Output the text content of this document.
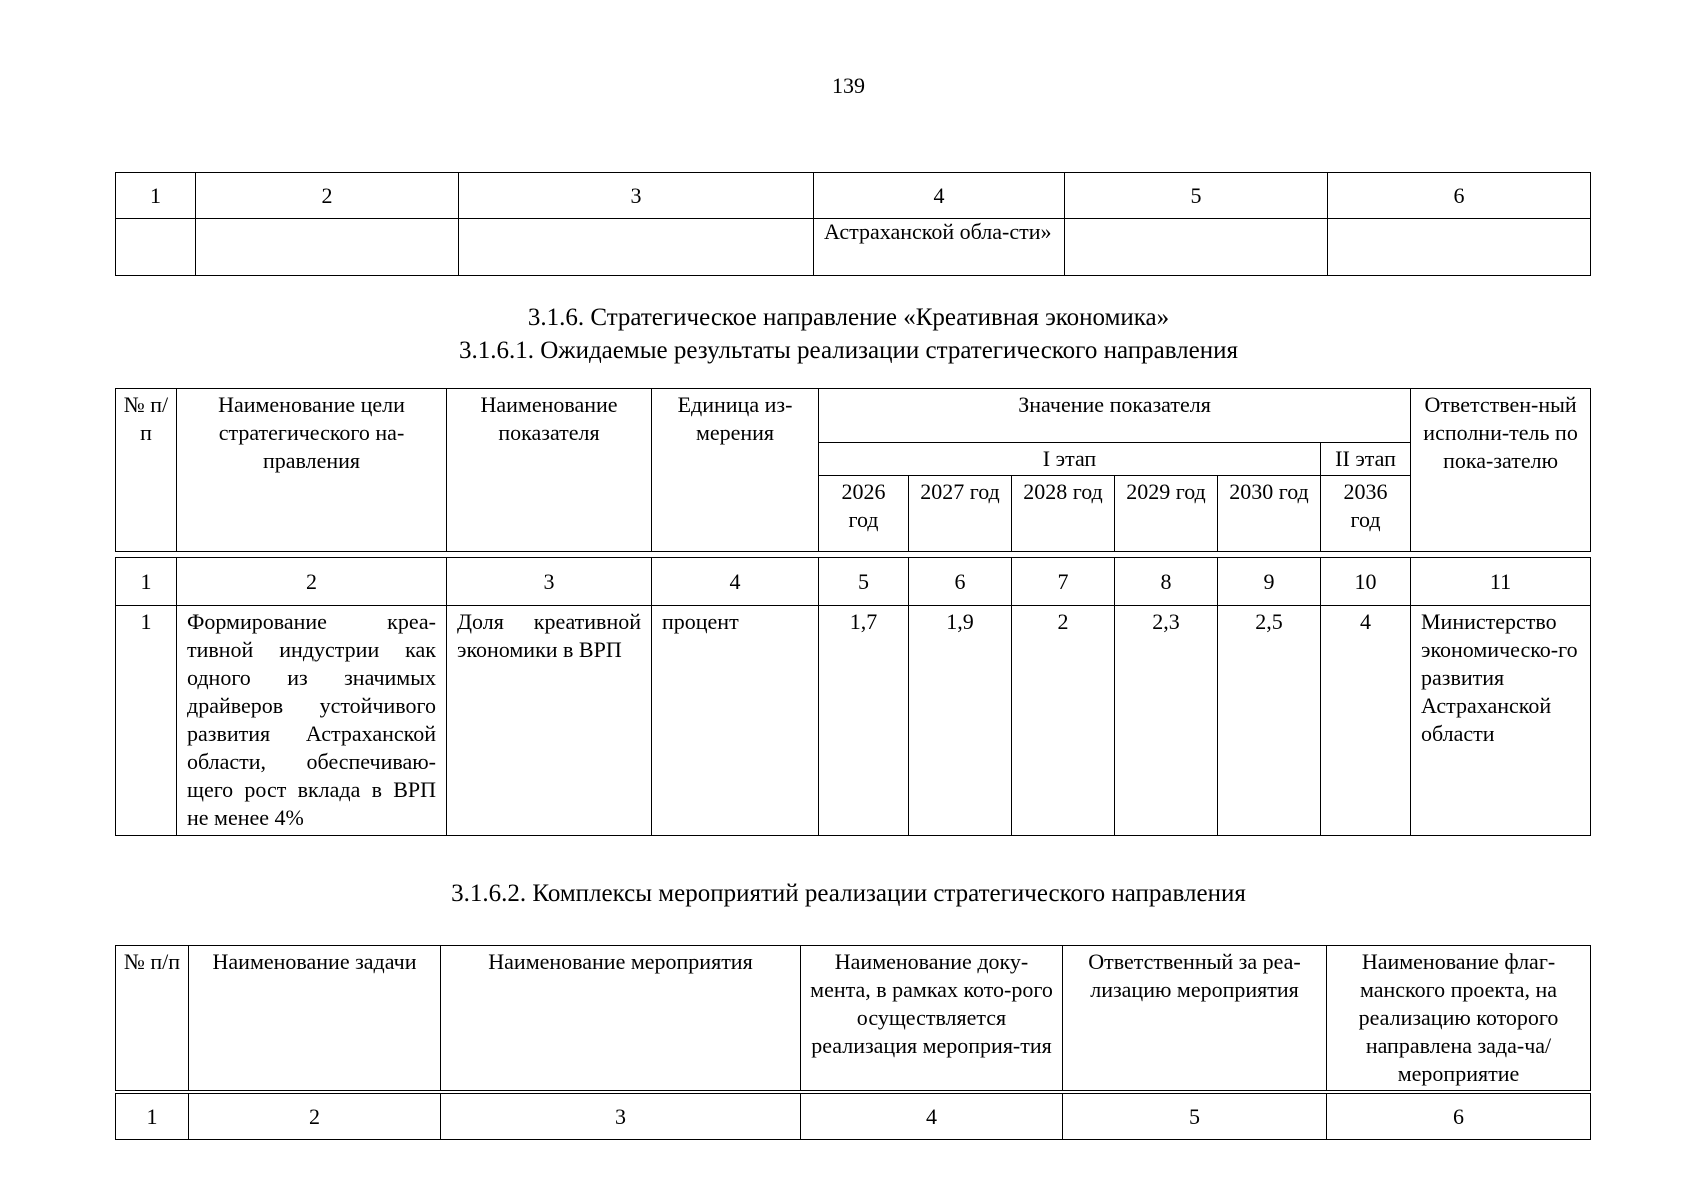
139
1	2	3	4	5	6
			Астраханской обла-сти»		
3.1.6. Стратегическое направление «Креативная экономика»
3.1.6.1. Ожидаемые результаты реализации стратегического направления
№ п/п	Наименование цели стратегического на-правления	Наименование показателя	Единица из-мерения	Значение показателя						Ответствен-ный исполни-тель по пока-зателю
				I этап					II этап	
				2026 год	2027 год	2028 год	2029 год	2030 год	2036 год	
1	2	3	4	5	6	7	8	9	10	11
1	Формирование креа-тивной индустрии как одного из значимых драйверов устойчивого развития Астраханской области, обеспечиваю-щего рост вклада в ВРП не менее 4%	Доля креативной экономики в ВРП	процент	1,7	1,9	2	2,3	2,5	4	Министерство экономическо-го развития Астраханской области
3.1.6.2. Комплексы мероприятий реализации стратегического направления
№ п/п	Наименование задачи	Наименование мероприятия	Наименование доку-мента, в рамках кото-рого осуществляется реализация мероприя-тия	Ответственный за реа-лизацию мероприятия	Наименование флаг-манского проекта, на реализацию которого направлена зада-ча/мероприятие
1	2	3	4	5	6
